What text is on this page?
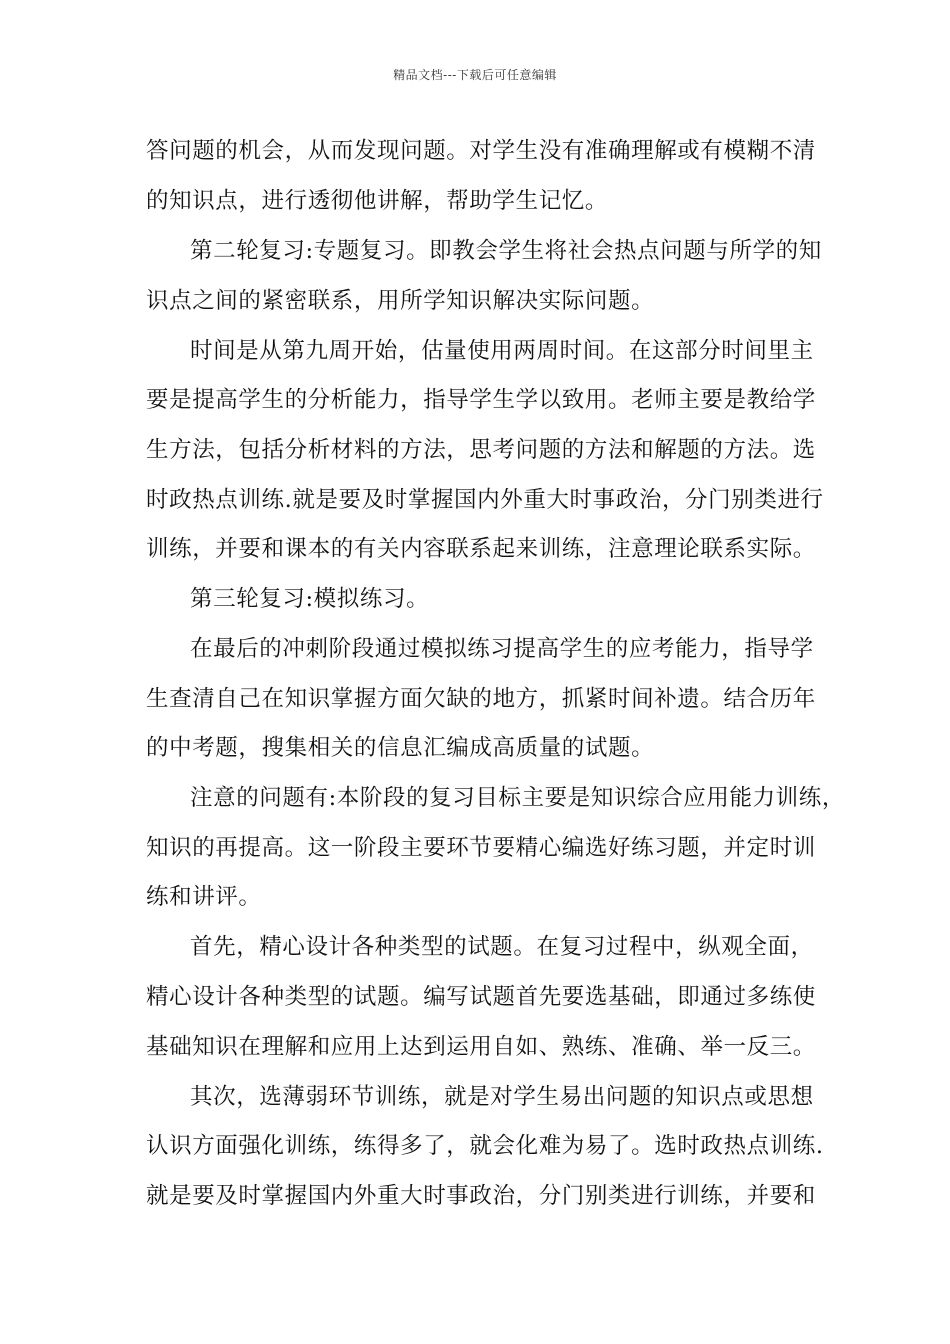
精品文档---下载后可任意编辑
答问题的机会，从而发现问题。对学生没有准确理解或有模糊不清
的知识点，进行透彻他讲解，帮助学生记忆。
第二轮复习:专题复习。即教会学生将社会热点问题与所学的知
识点之间的紧密联系，用所学知识解决实际问题。
时间是从第九周开始，估量使用两周时间。在这部分时间里主
要是提高学生的分析能力，指导学生学以致用。老师主要是教给学
生方法，包括分析材料的方法，思考问题的方法和解题的方法。选
时政热点训练.就是要及时掌握国内外重大时事政治，分门别类进行
训练，并要和课本的有关内容联系起来训练，注意理论联系实际。
第三轮复习:模拟练习。
在最后的冲刺阶段通过模拟练习提高学生的应考能力，指导学
生查清自己在知识掌握方面欠缺的地方，抓紧时间补遗。结合历年
的中考题，搜集相关的信息汇编成高质量的试题。
注意的问题有:本阶段的复习目标主要是知识综合应用能力训练，
知识的再提高。这一阶段主要环节要精心编选好练习题，并定时训
练和讲评。
首先，精心设计各种类型的试题。在复习过程中，纵观全面，
精心设计各种类型的试题。编写试题首先要选基础，即通过多练使
基础知识在理解和应用上达到运用自如、熟练、准确、举一反三。
其次，选薄弱环节训练，就是对学生易出问题的知识点或思想
认识方面强化训练，练得多了，就会化难为易了。选时政热点训练.
就是要及时掌握国内外重大时事政治，分门别类进行训练，并要和
